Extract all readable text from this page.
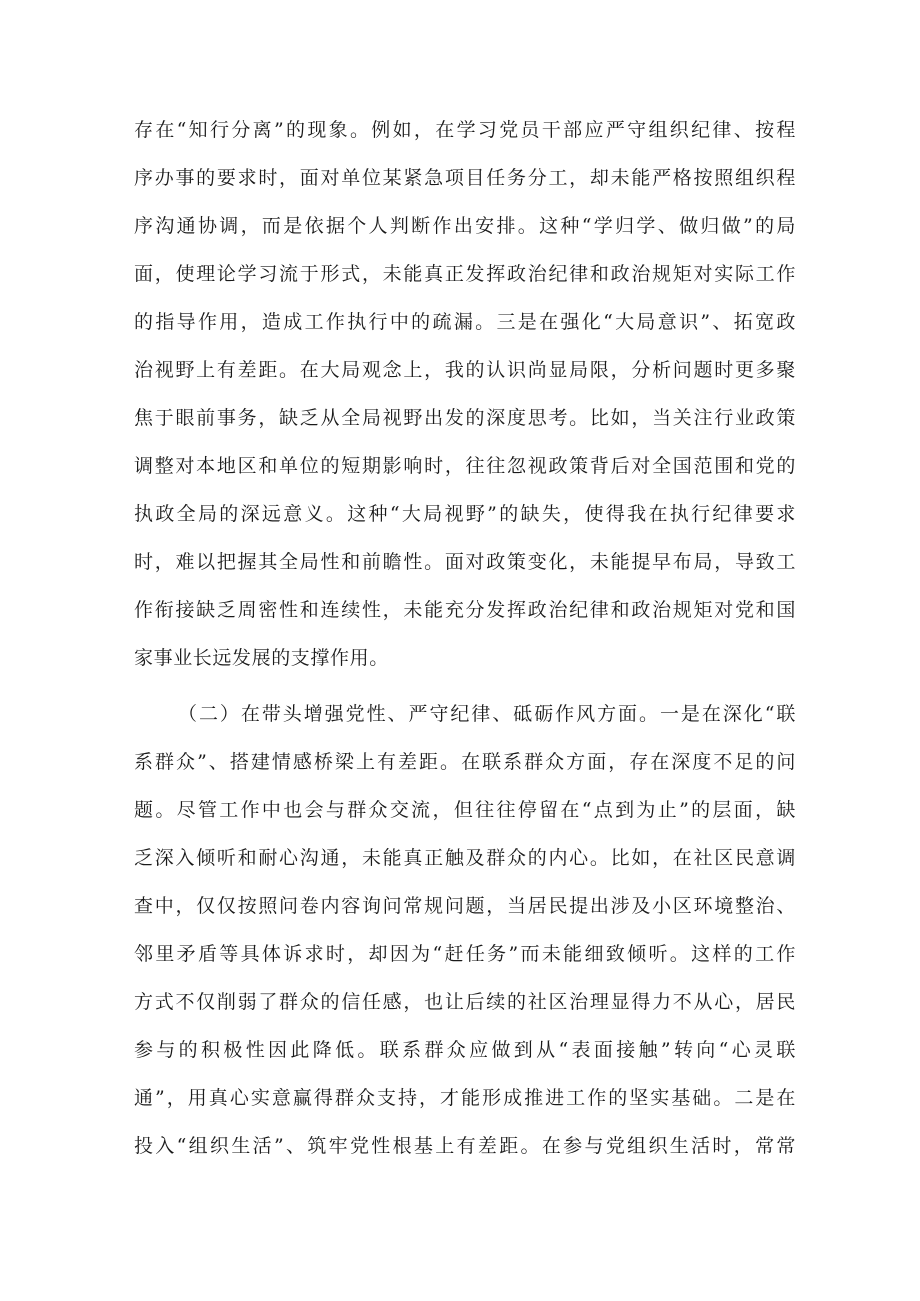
存在“知行分离”的现象。例如，在学习党员干部应严守组织纪律、按程
序办事的要求时，面对单位某紧急项目任务分工，却未能严格按照组织程
序沟通协调，而是依据个人判断作出安排。这种“学归学、做归做”的局
面，使理论学习流于形式，未能真正发挥政治纪律和政治规矩对实际工作
的指导作用，造成工作执行中的疏漏。三是在强化“大局意识”、拓宽政
治视野上有差距。在大局观念上，我的认识尚显局限，分析问题时更多聚
焦于眼前事务，缺乏从全局视野出发的深度思考。比如，当关注行业政策
调整对本地区和单位的短期影响时，往往忽视政策背后对全国范围和党的
执政全局的深远意义。这种“大局视野”的缺失，使得我在执行纪律要求
时，难以把握其全局性和前瞻性。面对政策变化，未能提早布局，导致工
作衔接缺乏周密性和连续性，未能充分发挥政治纪律和政治规矩对党和国
家事业长远发展的支撑作用。
（二）在带头增强党性、严守纪律、砥砺作风方面。一是在深化“联
系群众”、搭建情感桥梁上有差距。在联系群众方面，存在深度不足的问
题。尽管工作中也会与群众交流，但往往停留在“点到为止”的层面，缺
乏深入倾听和耐心沟通，未能真正触及群众的内心。比如，在社区民意调
查中，仅仅按照问卷内容询问常规问题，当居民提出涉及小区环境整治、
邻里矛盾等具体诉求时，却因为“赶任务”而未能细致倾听。这样的工作
方式不仅削弱了群众的信任感，也让后续的社区治理显得力不从心，居民
参与的积极性因此降低。联系群众应做到从“表面接触”转向“心灵联
通”，用真心实意赢得群众支持，才能形成推进工作的坚实基础。二是在
投入“组织生活”、筑牢党性根基上有差距。在参与党组织生活时，常常
